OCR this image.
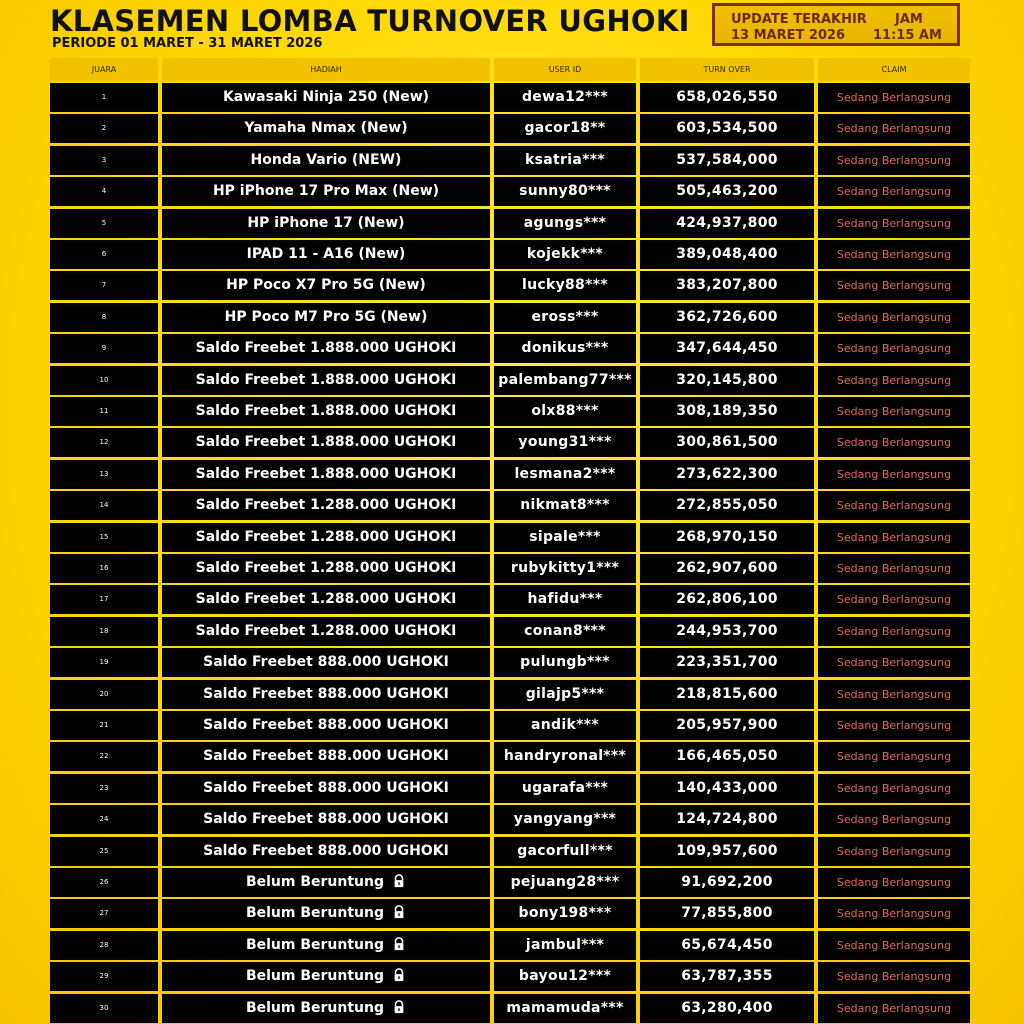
KLASEMEN LOMBA TURNOVER UGHOKI
PERIODE 01 MARET - 31 MARET 2026
UPDATE TERAKHIR
13 MARET 2026
JAM
11:15 AM
JUARA	HADIAH	USER ID	TURN OVER	CLAIM
1	Kawasaki Ninja 250 (New)	dewa12***	658,026,550	Sedang Berlangsung
2	Yamaha Nmax (New)	gacor18**	603,534,500	Sedang Berlangsung
3	Honda Vario (NEW)	ksatria***	537,584,000	Sedang Berlangsung
4	HP iPhone 17 Pro Max (New)	sunny80***	505,463,200	Sedang Berlangsung
5	HP iPhone 17 (New)	agungs***	424,937,800	Sedang Berlangsung
6	IPAD 11 - A16 (New)	kojekk***	389,048,400	Sedang Berlangsung
7	HP Poco X7 Pro 5G (New)	lucky88***	383,207,800	Sedang Berlangsung
8	HP Poco M7 Pro 5G (New)	eross***	362,726,600	Sedang Berlangsung
9	Saldo Freebet 1.888.000 UGHOKI	donikus***	347,644,450	Sedang Berlangsung
10	Saldo Freebet 1.888.000 UGHOKI	palembang77***	320,145,800	Sedang Berlangsung
11	Saldo Freebet 1.888.000 UGHOKI	olx88***	308,189,350	Sedang Berlangsung
12	Saldo Freebet 1.888.000 UGHOKI	young31***	300,861,500	Sedang Berlangsung
13	Saldo Freebet 1.888.000 UGHOKI	lesmana2***	273,622,300	Sedang Berlangsung
14	Saldo Freebet 1.288.000 UGHOKI	nikmat8***	272,855,050	Sedang Berlangsung
15	Saldo Freebet 1.288.000 UGHOKI	sipale***	268,970,150	Sedang Berlangsung
16	Saldo Freebet 1.288.000 UGHOKI	rubykitty1***	262,907,600	Sedang Berlangsung
17	Saldo Freebet 1.288.000 UGHOKI	hafidu***	262,806,100	Sedang Berlangsung
18	Saldo Freebet 1.288.000 UGHOKI	conan8***	244,953,700	Sedang Berlangsung
19	Saldo Freebet 888.000 UGHOKI	pulungb***	223,351,700	Sedang Berlangsung
20	Saldo Freebet 888.000 UGHOKI	gilajp5***	218,815,600	Sedang Berlangsung
21	Saldo Freebet 888.000 UGHOKI	andik***	205,957,900	Sedang Berlangsung
22	Saldo Freebet 888.000 UGHOKI	handryronal***	166,465,050	Sedang Berlangsung
23	Saldo Freebet 888.000 UGHOKI	ugarafa***	140,433,000	Sedang Berlangsung
24	Saldo Freebet 888.000 UGHOKI	yangyang***	124,724,800	Sedang Berlangsung
25	Saldo Freebet 888.000 UGHOKI	gacorfull***	109,957,600	Sedang Berlangsung
26	Belum Beruntung	pejuang28***	91,692,200	Sedang Berlangsung
27	Belum Beruntung	bony198***	77,855,800	Sedang Berlangsung
28	Belum Beruntung	jambul***	65,674,450	Sedang Berlangsung
29	Belum Beruntung	bayou12***	63,787,355	Sedang Berlangsung
30	Belum Beruntung	mamamuda***	63,280,400	Sedang Berlangsung
